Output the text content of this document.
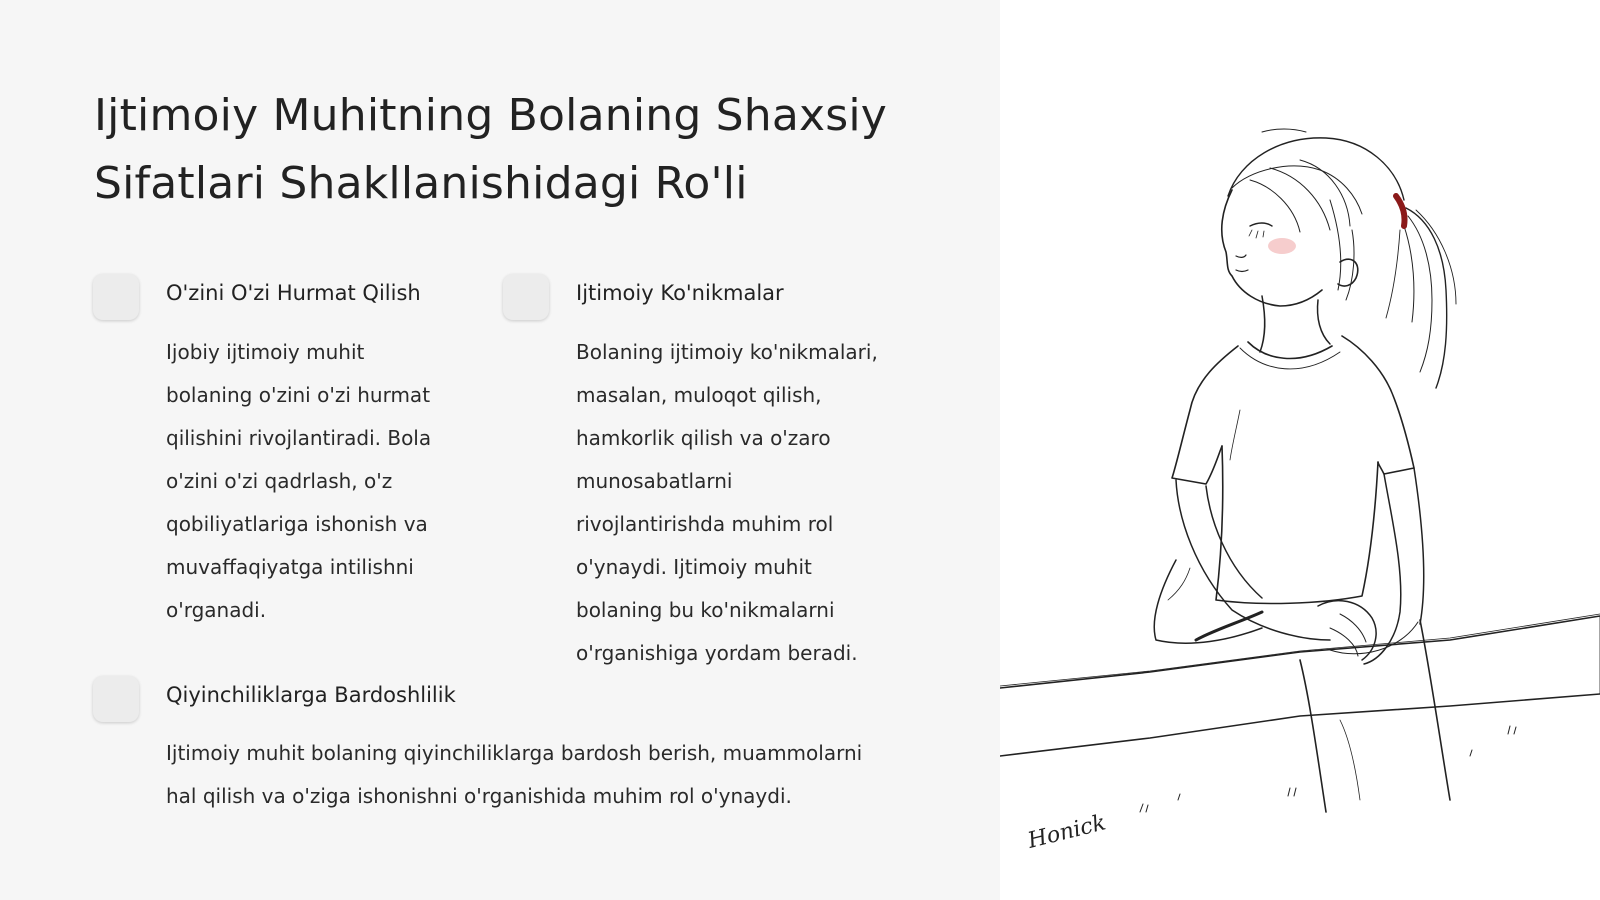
Ijtimoiy Muhitning Bolaning Shaxsiy Sifatlari Shakllanishidagi Ro'li
O'zini O'zi Hurmat Qilish

Ijobiy ijtimoiy muhit bolaning o'zini o'zi hurmat qilishini rivojlantiradi. Bola o'zini o'zi qadrlash, o'z qobiliyatlariga ishonish va muvaffaqiyatga intilishni o'rganadi.

Ijtimoiy Ko'nikmalar

Bolaning ijtimoiy ko'nikmalari, masalan, muloqot qilish, hamkorlik qilish va o'zaro munosabatlarni rivojlantirishda muhim rol o'ynaydi. Ijtimoiy muhit bolaning bu ko'nikmalarni o'rganishiga yordam beradi.

Qiyinchiliklarga Bardoshlilik

Ijtimoiy muhit bolaning qiyinchiliklarga bardosh berish, muammolarni hal qilish va o'ziga ishonishni o'rganishida muhim rol o'ynaydi.

Honick
